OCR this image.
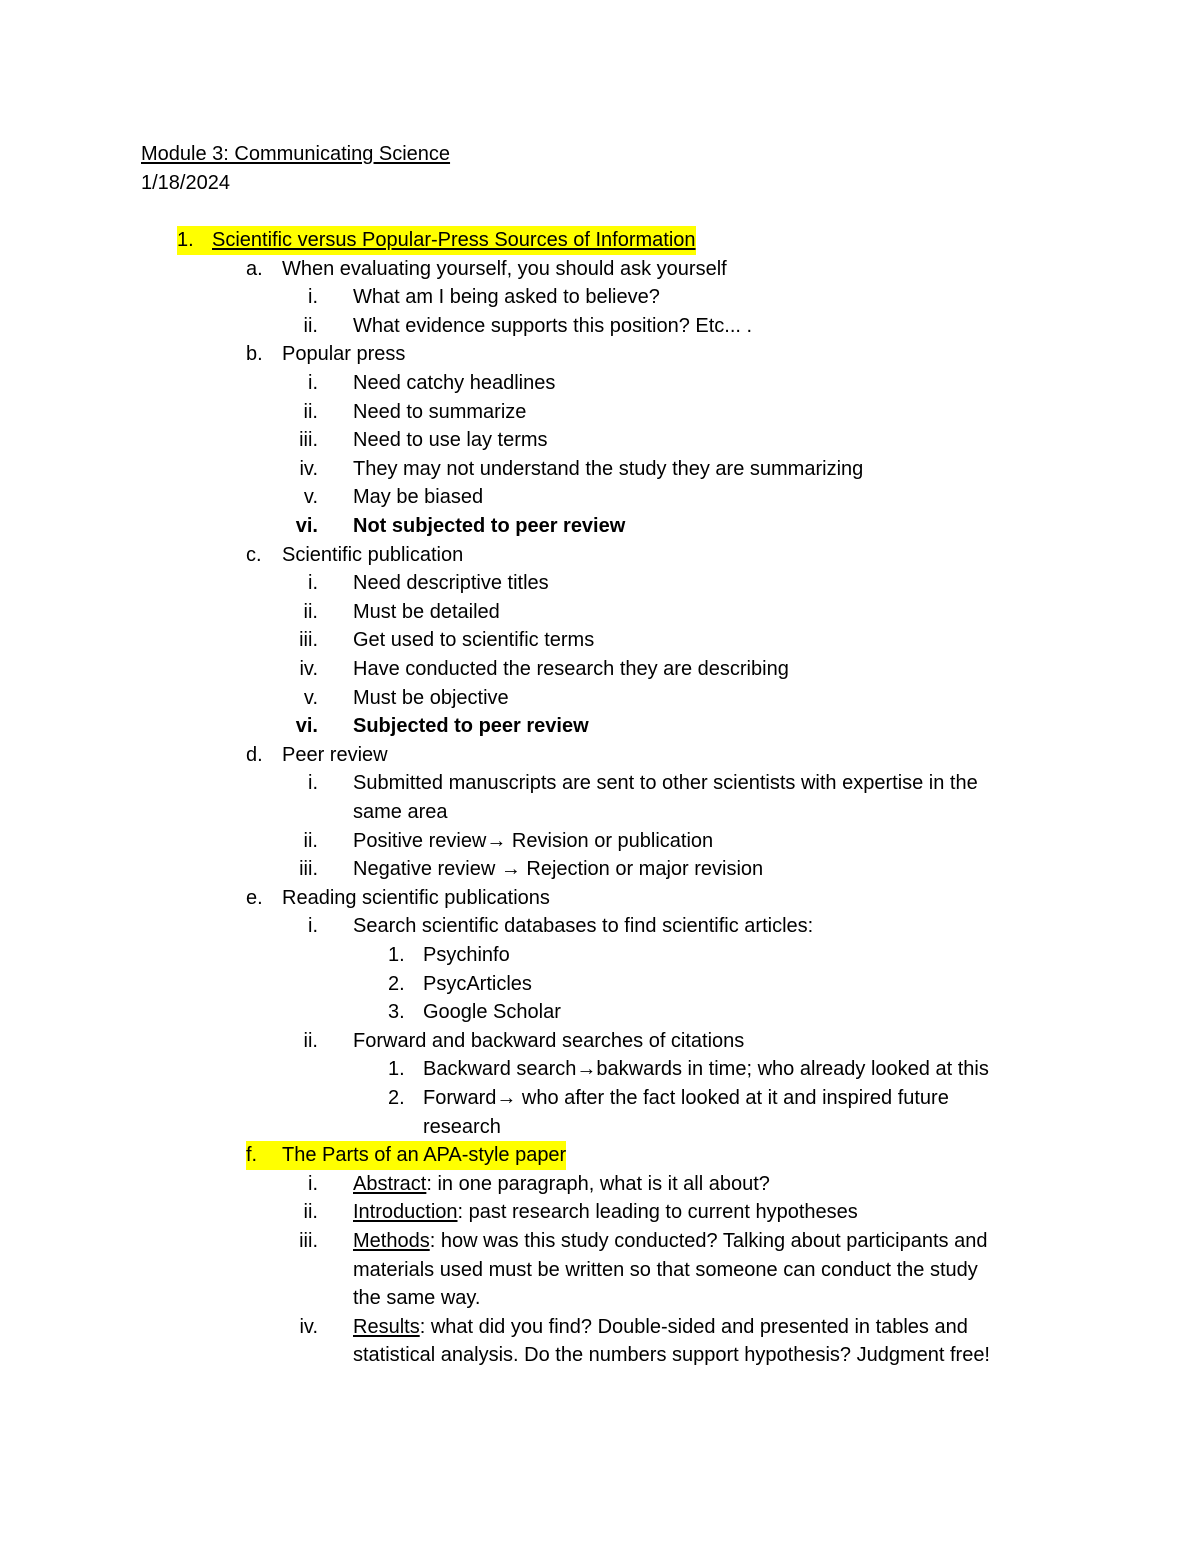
Module 3: Communicating Science
1/18/2024
1. Scientific versus Popular-Press Sources of Information
a. When evaluating yourself, you should ask yourself
i. What am I being asked to believe?
ii. What evidence supports this position? Etc... .
b. Popular press
i. Need catchy headlines
ii. Need to summarize
iii. Need to use lay terms
iv. They may not understand the study they are summarizing
v. May be biased
vi. Not subjected to peer review
c.	Scientific publication
i. Need descriptive titles
ii. Must be detailed
iii. Get used to scientific terms
iv. Have conducted the research they are describing
v. Must be objective
vi. Subjected to peer review
d. Peer review
i. Submitted manuscripts are sent to other scientists with expertise in the
same area
ii. Positive review→ Revision or publication
iii. Negative review → Rejection or major revision
e. Reading scientific publications
i. Search scientific databases to find scientific articles:
1. Psychinfo
2. PsycArticles
3. Google Scholar
ii. Forward and backward searches of citations
1. Backward search→bakwards in time; who already looked at this
2. Forward→ who after the fact looked at it and inspired future
research
f.	The Parts of an APA-style paper
i. Abstract: in one paragraph, what is it all about?
ii. Introduction: past research leading to current hypotheses
iii. Methods: how was this study conducted? Talking about participants and
materials used must be written so that someone can conduct the study
the same way.
iv. Results: what did you find? Double-sided and presented in tables and
statistical analysis. Do the numbers support hypothesis? Judgment free!
